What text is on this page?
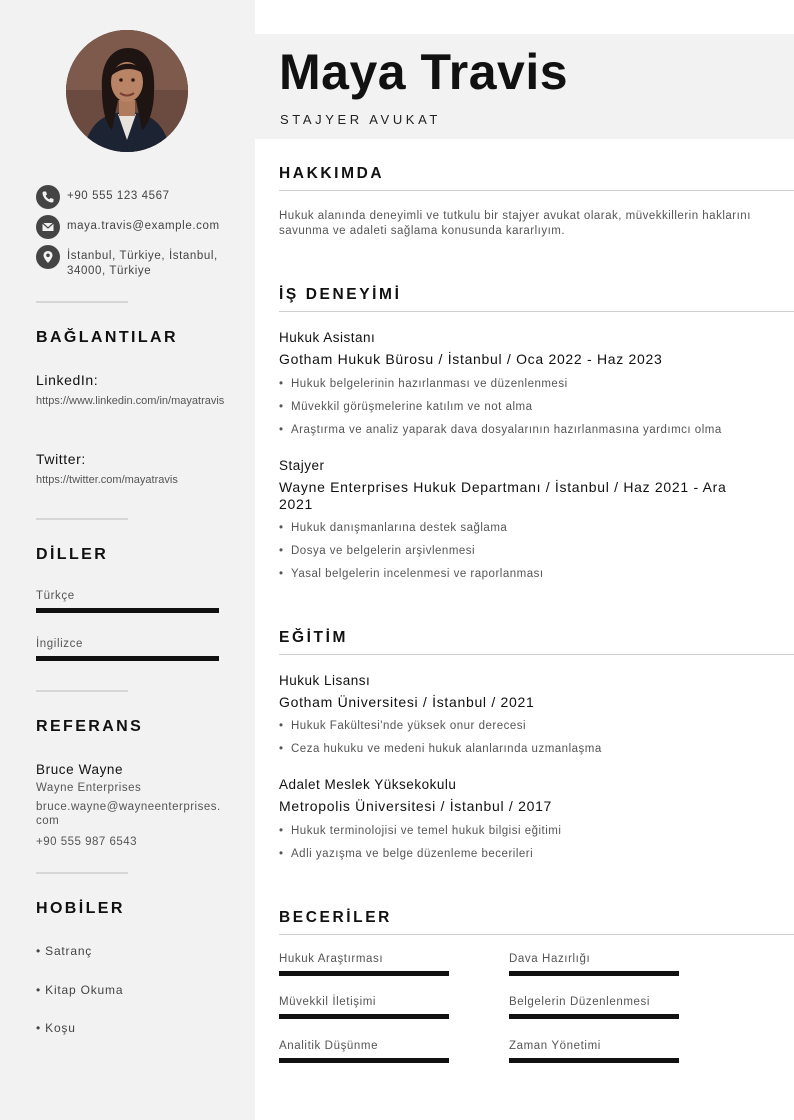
+90 555 123 4567
maya.travis@example.com
İstanbul, Türkiye, İstanbul, 34000, Türkiye
BAĞLANTILAR
LinkedIn:
https://www.linkedin.com/in/mayatravis
Twitter:
https://twitter.com/mayatravis
DİLLER
Türkçe
İngilizce
REFERANS
Bruce Wayne
Wayne Enterprises
bruce.wayne@wayneenterprises.com
+90 555 987 6543
HOBİLER
• Satranç
• Kitap Okuma
• Koşu
Maya Travis
STAJYER AVUKAT
HAKKIMDA
Hukuk alanında deneyimli ve tutkulu bir stajyer avukat olarak, müvekkillerin haklarını savunma ve adaleti sağlama konusunda kararlıyım.
İŞ DENEYİMİ
Hukuk Asistanı
Gotham Hukuk Bürosu / İstanbul / Oca 2022 - Haz 2023
• Hukuk belgelerinin hazırlanması ve düzenlenmesi
• Müvekkil görüşmelerine katılım ve not alma
• Araştırma ve analiz yaparak dava dosyalarının hazırlanmasına yardımcı olma
Stajyer
Wayne Enterprises Hukuk Departmanı / İstanbul / Haz 2021 - Ara 2021
• Hukuk danışmanlarına destek sağlama
• Dosya ve belgelerin arşivlenmesi
• Yasal belgelerin incelenmesi ve raporlanması
EĞİTİM
Hukuk Lisansı
Gotham Üniversitesi / İstanbul / 2021
• Hukuk Fakültesi'nde yüksek onur derecesi
• Ceza hukuku ve medeni hukuk alanlarında uzmanlaşma
Adalet Meslek Yüksekokulu
Metropolis Üniversitesi / İstanbul / 2017
• Hukuk terminolojisi ve temel hukuk bilgisi eğitimi
• Adli yazışma ve belge düzenleme becerileri
BECERİLER
Hukuk Araştırması	Dava Hazırlığı
Müvekkil İletişimi	Belgelerin Düzenlenmesi
Analitik Düşünme	Zaman Yönetimi
